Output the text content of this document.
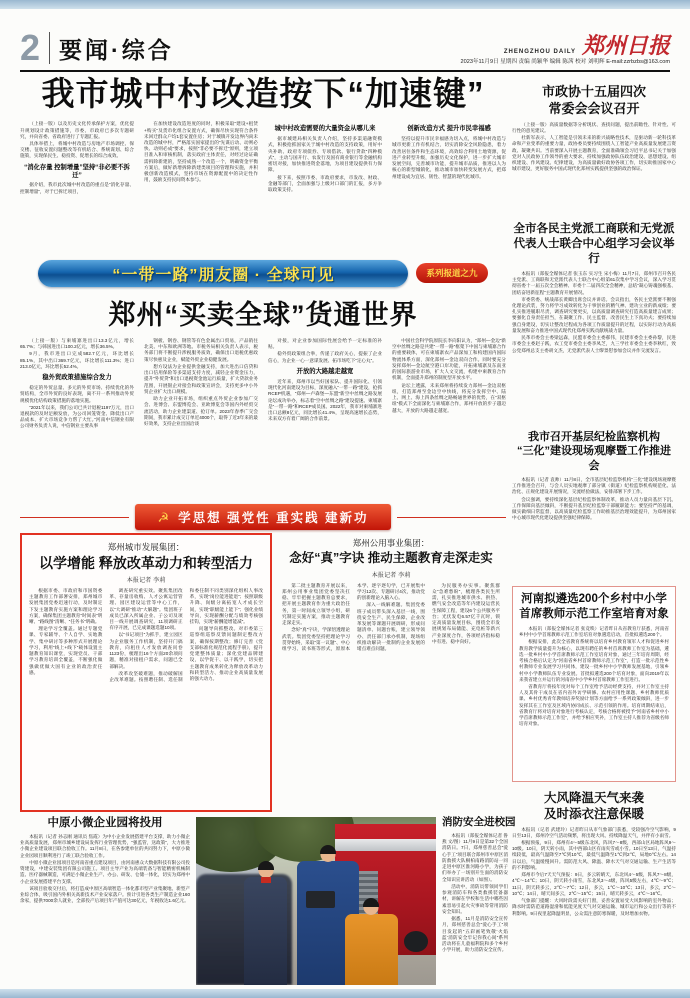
2 要闻·综合	ZHENGZHOU DAILY 郑州日报
2023年11月9日 星期四 责编 尚颖华 编辑 陈茜 校对 刘明辉 E-mail:zzrbzbs@163.com
我市城中村改造按下“加速键”
（上接一版）以及历史文化传承保护方案，优化提升规划设计政策措施等，市委、市政府已多次专题研究，并向省委、省政府进行了专题汇报。
具体举措上，将城中村改造与房地产市场调控、保交楼、征收安置问题整改等有机结合、系统谋划、综合施策，实现保民生、稳投资、促增长的综合成效。
“消化存量 控制增量”坚持“非必要不拆迁”
据介绍，我市此次城中村改造的重点是“消化存量、控制增量”，对于已拆迁项目，
在加快建设改造进度的同时，积极采取“建设+租赁+购买”及货币化组合安置方式，确保尽快实现符合条件未回迁群众户均1套安置住房；对于城镇开发边界内尚未改造的城中村，严格落实国家提出的“先谋后动、动则必快、动则必成”要求，按照“非必要不拆迁”原则，建立项目准入和审核机制，落实政府主体责任，对经过论证确需拆除新建的，坚持成熟一个改造一个，明确资金平衡方案后，做好新增拆除新建类项目的管理和实施，并积极创新改造模式，坚持市场在资源配置中的决定性作用，鼓励支持民间资本参与。
城中村改造需要的大量资金从哪儿来
据市城建局相关负责人介绍，坚持多渠道融资模式，积极抢抓国家关于城中村改造的支持政策，用好中央补助、政府专项债券、专项借款、银行贷款“四种模式”，主动与国开行、农发行及国有商业银行等金融机构密切对接，加快推进资金落地，为项目建设提供有力保障。
接下来，按照市委、市政府要求，市发改、财政、金融等部门，全面加强与上级对口部门的汇报，多方争取政策支持。
创新改造方式 提升市民幸福感
坚持以提升市民幸福感为切入点，将城中村改造与城市更新工作有机结合，切实消除安全风险隐患，着力改善居住条件和生态环境，高效综合利用土地资源，促进产业转型升级，加强历史文化保护，进一步扩大城市发展空间，完善城市功能，提升城市品质，推进以人为核心的新型城镇化，推动城市加快转变发展方式，把郑州建设成为宜居、韧性、智慧的现代化城市。
市政协十五届四次
常委会会议召开
（上接一版）高质量数据等分析现状、查找问题，提出前瞻性、针对性、可行性的意见建议。
杜新军表示，人工智能是引领未来的新兴战略性技术，是驱动新一轮科技革命和产业变革的重要力量，政协委员要持续围绕人工智能产业高质量发展建言资政、凝聚共识。当前要深入开展主题教育，全面准确领会习近平总书记关于加强党对人民政协工作领导的重大要求，持续加强政协队伍政治建设、思想建设、组织建设、作风建设、纪律建设，为高质量做好政协各项工作，切实助推国家中心城市建设，更好服务中国式现代化郑州实践提供坚强的政治保证。
全市各民主党派工商联和无党派
代表人士联合中心组学习会议举行
本报讯（郑报全媒体记者 张玉东 实习生 宋小梅）11月7日，郑州市召开各民主党派、工商联和无党派代表人士联合中心组第61次集中学习会议，深入学习贯彻省委十一届五次全会精神、市委十二届四次全会精神，总结“凝心铸魂强根基、团结奋进新征程”主题教育开展情况。
市委常委、统战部长黄卿出席会议并讲话。会议指出，各民主党派要不断强化理论武装，努力将学习成效转化为干事创业的精气神、建功立业的新成绩；要扎实推进履职尽责，调查研究要更实，以高质量调查研究打造高质量建言成果；要强化自身责任担当，在凝聚工作、民主监督、改善民生上下真功夫；要持续加强自身建设，切实让整改过程成为各项工作质量提升的过程，以实际行动为高质量发展和奋力推进中国式现代化郑州实践贡献统战力量。
民革市委会主委梁远森，民盟市委会主委郝伟，民建市委会主委孙黎，民进市委会主委赵子践，农工党市委会主委李凤芝，九三学社市委会主委李秋红，致公党郑州总支主委胡文杰，无党派代表人士缪景慰参加会议并作交流发言。
我市召开基层纪检监察机构
“三化”建设现场观摩暨工作推进会
本报讯（记者 袁帅）11月8日，全市基层纪检监察机构“三化”建设现场观摩暨工作推进会召开，与会人员实地观摩了部分镇（街道）纪检监察机构规范化、法治化、正规化建设开展情况，交流经验做法，安排部署下步工作。
会议强调，要持续深化基层纪检监察体制改革，推动人员力量向基层下沉、工作保障向基层倾斜，不断提升基层纪检监察干部履职能力；要坚持严的基调，做实做细日常监督，以高质量纪检监察工作助推基层治理效能提升，为郑州国家中心城市现代化建设提供坚强纪律保障。
河南拟遴选200个乡村中小学
首席教师示范工作室培育对象
本报讯（郑报全媒体记者 张竞昳）记者昨日从省教育厅获悉，河南省乡村中小学首席教师示范工作室培育对象遴选启动，首批拟遴选200个。
根据安排，此次全省教育系统将以培育乡村教育领军人才和促进乡村教育教学质量提升为核心，以现有聘任的乡村首席教师工作室为基础，遴选一批乡村中小学首席教师示范工作室培育对象，通过三年培育周期，经考核合格后认定为“河南省乡村首席教师示范工作室”，打造一批示范性乡村教师专业发展学习共同体，建设一批乡村中小学教师发展基地，引领乡村中小学教师队伍专业发展。首批拟遴选200个培育对象，面向2019年以来我省建立并运行的河南省中小学乡村首席教师工作室进行。
省教育厅将按年度对每个工作室给予活动经费支持，并对工作室主持人及其骨干成员在省内省外访学研修、农村应用性课题、乡村教师优质课、乡村优秀青年教师培养奖励计划等方面给予一系列政策倾斜，进一步发挥其在工作室及区域内协同成长、示范引领的作用。培育周期结束后，省教育厅将对培育对象进行考核认定，考核合格将被授予“河南省乡村中小学首席教师示范工作室”，并给予相应奖补，工作室主持人推荐为省级名师培育对象。
大风降温天气来袭
及时添衣注意保暖
本报讯（记者 武建玲）记者昨日从市气象部门获悉，受较强冷空气影响，9日至13日，郑州冷空气活动频繁，将出现大风、持续降温天气，并伴有小雨雪。
根据预报，9日，郑州有4～5级东北风，阵风7～8级，西部山区局地阵风9～10级。10日，阴天转小雨，其中西部山区有雨夹雪或小雪。10日至13日，气温持续较低，最高气温降至7℃到10℃，最低气温降至1℃到2℃，局地0℃左右。14日以后，气温缓慢回升。需防范大风、降温、降水天气对交通运输、生产生活等的不利影响。
郑州市今后7天天气预报：9日，多云转晴天，东北风4～5级，阵风7～8级，4℃～14℃；10日，阴天转小雨雪，东北风3～4级，阵风5级左右，4℃～9℃；11日，阴天转多云，2℃～7℃；12日，多云，1℃～10℃；13日，多云，2℃～10℃；14日，晴天间多云，2℃～15℃；15日，晴天转多云，4℃～16℃。
气象部门提醒：大风时段需关好门窗，妥善安置易受大风影响的室外物品；降水时需防范道路湿滑和低能见度天气对交通运输、城市运行和公众出行等的不利影响。9日夜里起降温明显，公众需注意防寒保暖，及时增加衣物。
“一带一路”朋友圈 · 全球可见	系列报道之九
郑州“买卖全球”货通世界
（上接一版）与柬埔寨进出口13.3亿元，增长65.7%；与韩国进出口100.2亿元，增长36.5%。
9月，我市进出口完成582.7亿元，环比增长85.1%，其中出口369.7亿元，环比增长111.3%；进口213.0亿元，环比增长52.4%。
稳外贸政策措施综合发力
稳定的外贸总量、多元的外贸市场、持续优化的外贸结构，全市外贸的良好表现，离不开一系列推动外贸规模优化结构政策措施的落地实施。
“2021年以来，我们公司已共计退税1197万元，出口退税款的及时足额发放，为公司回笼资金、降低出口产品成本、扩大市场竞争力帮了大忙。”河南中信钢业有限公司财务负责人说，中信钢业主要从事
钢板、钢卷、钢管等有色金属出口贸易，产品销往北美、中东和欧洲等地。市税务局相关负责人表示，税务部门将不断提升涉税服务质效，确保出口退税优惠政策尽快惠及企业，赋能外贸企业稳健发展。
想方设法为企业提供金融支持，加大进出口信贷和出口信用保险等多渠道支持力度，减轻企业资金压力，提升“外贸贷”和出口退税资金池运行质量，扩大贷款业务范围，开展银企对接会和政策宣讲会，支持更多中小外贸企业扩大出口规模。
助力企业开拓市场，组织重点外贸企业参加广交会、进博会、东盟博览会、亚欧博览会等国内外经贸交流活动，助力企业建渠道、抢订单。2023年春季广交会期间，我市累计成交订单近4000个，取得了近3年来的最好效果，支持企业出国洽谈
对接，对企业参加国际性展会给予一定标准的补贴。
稳外贸政策组合拳，传递了政府关心，提振了企业信心，为企业一心一意谋发展、拓市场吃下“定心丸”。
开放的大路越走越宽
近年来，郑州市以当好国家队、提升国际化、引领现代化河南建设为目标，深度融入“一带一路”建设，抢抓RCEP机遇，“郑州—卢森堡—东盟”新空中丝绸之路发展论坛成功举办，标志着“空中丝绸之路”建设提速。柬埔寨是“一带一路”和RCEP成员国。2022年，我市对柬埔寨进出口总额8亿元，同比增长41.4%，呈现高速增长态势，未来双方有着广阔的合作前景。
中国社会科学院原院长李向阳认为，“郑州—金边”新空中丝绸之路是共建“一带一路”框架下中国与柬埔寨合作的重要载体，可在柬埔寨农产品深加工和构建国内国际物流体系方面，深化郑州—金边双向合作。同时要充分发挥郑州—金边航空港口岸功能，开拓柬埔寨及东南亚的国际旅游业市场，扩大人文交流，构建中柬教育合作机制，全面提升郑州的制度型开放水平。
论坛上透露，未来郑州将持续发力郑州—金边双枢纽，打造郑州至金边空中快线，将充分发挥空中、陆上、网上、海上四条丝绸之路畅通世界的优势，在“双枢纽”模式下全面深化与柬埔寨合作，郑州开放的步子越迈越大，开放的大路越走越宽。
☭ 学思想 强党性 重实践 建新功
郑州城市发展集团：
以学增能 释放改革动力和转型活力
本报记者 李莉
根据市委、市政府和市国资委主题教育工作部署安排，郑州城市发展集团党委迅速行动，及时制定下发主题教育实施方案和理论学习方案，确保集团主题教育“时间表”明晰、“路线图”清晰、“任务书”明确。
理论学习全覆盖。通过专题党课、专家辅导、个人自学、实地教学、集中研讨等多种形式开展理论学习，利用“线上+线下”载体设置主题教育知识课堂，实现党员、干部学习教育培训全覆盖，不断强化做强做优做大国有企业的政治责任感。
调查研究重实效。聚焦集团改革、存量房收购、人才公寓运营管理、园区建设运营等中心工作，以“大调研”推动“大解题”。集团班子成员已深入所属企业、子公司及项目一线开展调查研究，11项调研正有序开展，已完成课题选题10项。
以“书记项目”为抓手，建立园区为企业服务工作机制，坚持开门搞教育，向租住人才发放调查问卷1123份，梳理出16个方面20余项问题，精准对接租户需求，问题已全部解决。
改革攻坚破难题，推动破解国企改革难题。按照聘任制、选任制和委任制不同类别深化组织人事改革，实现“岗位能进能退”；按照职级升降、岗级分离拓宽人才成长空间，实现“职级能上能下”；强化业绩导向，实现薪酬分配与绩效考核强挂钩，实现“薪酬能增能减”。
问题导向抓整改。对市委第三巡察组巡察反馈问题制定整改方案，确保按期整改；修订完善《党支部标准化规范化流程手册》，提升党建整体质量；深化党建品牌建设，以学促干、以干践学，切实把主题教育成果转化为释放改革动力和转型活力、推动企业高质量发展的强大动力。
郑州公用事业集团：
念好“真”字诀 推动主题教育走深走实
本报记者 李莉
第二批主题教育开展以来，郑州公用事业集团党委坚决扛稳、牢牢把握主题教育总要求，把开展主题教育作为重大政治任务，第一时间成立领导小组，研究制定实施方案，推动主题教育走深走实。
念好“真”字诀，学深悟透理论武装。集团党委坚持把理论学习贯穿始终，采取“第一议题”、中心组学习、读书班等形式，原原本本学、逐字逐句学，已开展集中学习12次、专题研讨4次，推动党的创新理论入脑入心。
深入一线解难题。集团党委班子成员带头深入基层一线，围绕安全生产、民生保障、企业改革发展等课题开展调研，形成问题清单、问题台账，建立领导领办、责任部门承办机制，现场组织推动解决一批制约企业发展的堵点难点问题。
为民服务办实事。聚焦群众“急难愁盼”，梳理各类民生所需，扎实推进城市供水、供热、燃气安全改造等年内建设运营民生保障工程，建设6个公共服务平台；光伏发电6.57亿千瓦时，锁定高质量发展目标，围绕全市发展规划布局储能、充电桩等新兴产业深度合作，各项经济指标稳中有进、稳中向好。
中原小微企业园将投用
本报讯（记者 孙志刚 通讯员 焦霞）为中小企业发展搭建平台支撑，助力小微企业高质量发展，郑州市城乡建设局发挥行业管理优势，“强监管，送政策”，大力推进小微企业建设项目联合验收工作。11月8日，在各参建单位的共同努力下，中原小微企业园项目顺利进行了竣工联合验收工作。
中原小微企业园项目是河南省重点建设项目，由河南惠众大数据科技有限公司投资建设，中建安装集团有限公司施工。项目主导产业为高端装备与智能精密机械制造、医疗器械制造，可满足小微企业生产、办公、研发、仓储一体化，切实为郑州中小企业发展搭建平台支撑。
该项目验收交付后，将打造成中原区高端智造一体化都市型产业集聚地、新型产业综合体，吸引国内外相关高新技术产业安家落户。预计引进各类生产制造企业160余家，提供7000余人就业，全部投产后项目年产值可达30亿元，年税收达1.6亿元。
消防安全进校园
本报讯（郑报全媒体记者 鲁燕 文/图）11月9日是第32个全国消防日。7日，郑州慈善总会“爱心手工”项目联合郑州市中原区消防救援大队桐柏南路消防站一同走进中原区淮河路小学，为孩子们举办了一场别开生面的消防安全知识宣讲活动（如图）。
活动中，消防员带领同学们参观消防车和各类救援装备器材，讲解在学校和生活中哪些因素容易引起火灾事故等常用消防安全知识。
据悉，11月是消防安全宣传月，郑州慈善总会“爱心手工”项目发起的“五彩画笔致敬‘火焰蓝’消防安全牢记你我心间”系列活动将在儿童福利院和多个乡村小学开展，助力消防安全宣传。
